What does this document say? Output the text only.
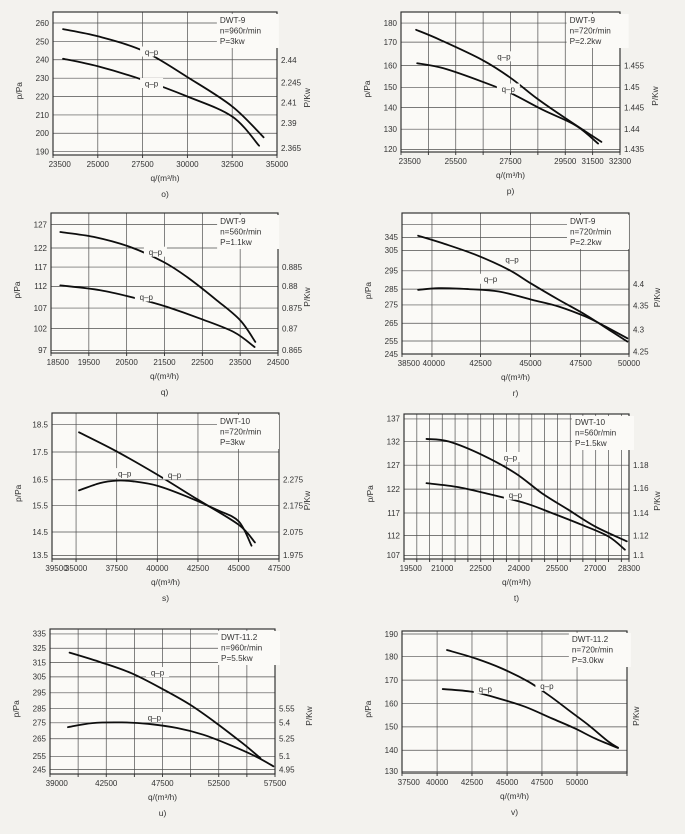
260
250
240
230
220
210
200
190
DWT-9
n=960r/min
P=3kw
q–p
q–p
2.44
2.245
2.41
2.39
2.365
23500 25000	27500	30000	32500	35000
p/Pa	P/Kw
q/(m³/h)
o)
180
170
160
150
140
130
120
DWT-9
n=720r/min
P=2.2kw
q–p
q–p
1.455
1.45
1.445
1.44
1.435
23500	25500	27500	29500 31500 32300
p/Pa	P/Kw
q/(m³/h)
p)
127
122
117
112
107
102
97
DWT-9
n=560r/min
P=1.1kw
q–p
q–p
0.885
0.88
0.875
0.87
0.865
18500 19500 20500 21500 22500 23500 24500
p/Pa	P/Kw
q/(m³/h)
q)
345
305
295
285
275
265
255
245
DWT-9
n=720r/min
P=2.2kw
q–p
q–p
4.4
4.35
4.3
4.25
38500 40000	42500	45000	47500	50000
p/Pa	P/Kw
q/(m³/h)
r)
18.5
17.5
16.5
15.5
14.5
13.5
DWT-10
n=720r/min
P=3kw
q–p
q–p
2.275
2.175
2.075
1.975
39500
35000 37500 40000 42500 45000 47500
p/Pa	P/Kw
q/(m³/h)
s)
137
132
127
122
117
112
107
DWT-10
n=560r/min
P=1.5kw
q–p
q–p
1.18
1.16
1.14
1.12
1.1
19500 21000 22500 24000 25500 27000 28300
p/Pa	P/Kw
q/(m³/h)
t)
335
325
315
305
295
285
275
265
255
245
DWT-11.2
n=960r/min
P=5.5kw
q–p
q–p
5.55
5.4
5.25
5.1
4.95
39000	42500	47500	52500	57500
p/Pa	P/Kw
q/(m³/h)
u)
190
180
170
160
150
140
130
DWT-11.2
n=720r/min
P=3.0kw
q–p
q–p
37500 40000 42500 45000 47500 50000
p/Pa	P/Kw
q/(m³/h)
v)
